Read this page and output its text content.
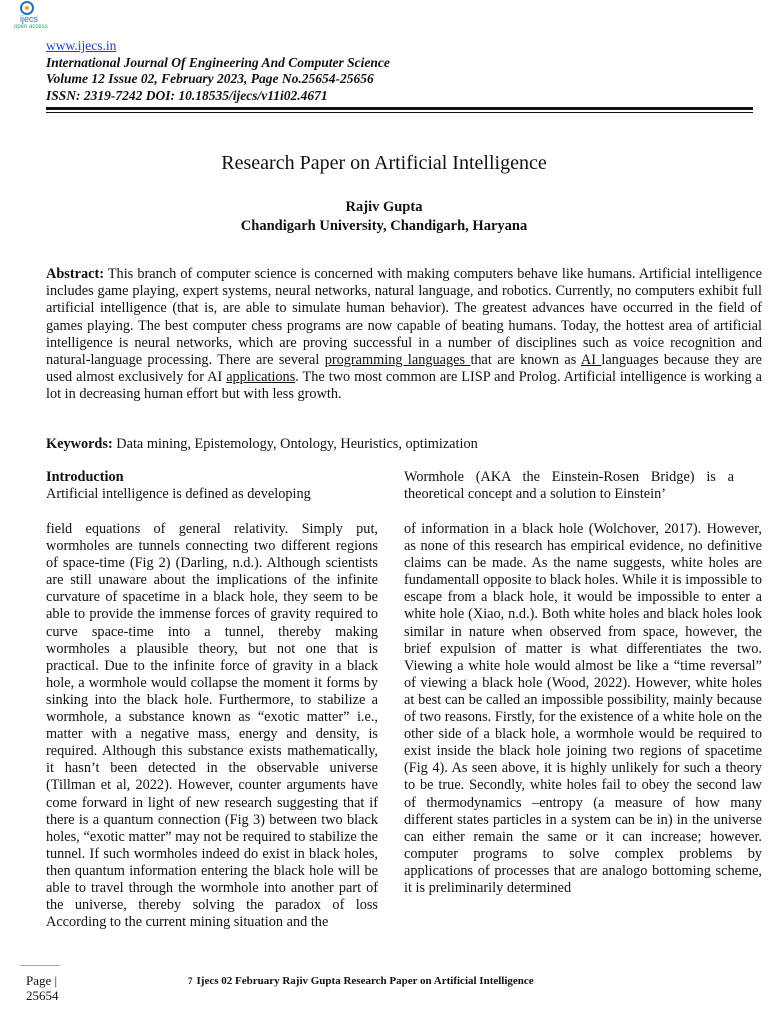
ijecs
open access
www.ijecs.in
International Journal Of Engineering And Computer Science
Volume 12 Issue 02, February 2023, Page No.25654-25656
ISSN: 2319-7242 DOI: 10.18535/ijecs/v11i02.4671
Research Paper on Artificial Intelligence
Rajiv Gupta
Chandigarh University, Chandigarh, Haryana
Abstract: This branch of computer science is concerned with making computers behave like humans. Artificial intelligence includes game playing, expert systems, neural networks, natural language, and robotics. Currently, no computers exhibit full artificial intelligence (that is, are able to simulate human behavior). The greatest advances have occurred in the field of games playing. The best computer chess programs are now capable of beating humans. Today, the hottest area of artificial intelligence is neural networks, which are proving successful in a number of disciplines such as voice recognition and natural-language processing. There are several programming languages that are known as AI languages because they are used almost exclusively for AI applications. The two most common are LISP and Prolog. Artificial intelligence is working a lot in decreasing human effort but with less growth.
Keywords: Data mining, Epistemology, Ontology, Heuristics, optimization

Introduction

Artificial intelligence is defined as developing

Wormhole (AKA the Einstein-Rosen Bridge) is a theoretical concept and a solution to Einstein’

field equations of general relativity. Simply put, wormholes are tunnels connecting two different regions of space-time (Fig 2) (Darling, n.d.). Although scientists are still unaware about the implications of the infinite curvature of spacetime in a black hole, they seem to be able to provide the immense forces of gravity required to curve space-time into a tunnel, thereby making wormholes a plausible theory, but not one that is practical. Due to the infinite force of gravity in a black hole, a wormhole would collapse the moment it forms by sinking into the black hole. Furthermore, to stabilize a wormhole, a substance known as “exotic matter” i.e., matter with a negative mass, energy and density, is required. Although this substance exists mathematically, it hasn’t been detected in the observable universe (Tillman et al, 2022). However, counter arguments have come forward in light of new research suggesting that if there is a quantum connection (Fig 3) between two black holes, “exotic matter” may not be required to stabilize the tunnel. If such wormholes indeed do exist in black holes, then quantum information entering the black hole will be able to travel through the wormhole into another part of the universe, thereby solving the paradox of loss According to the current mining situation and the

of information in a black hole (Wolchover, 2017). However, as none of this research has empirical evidence, no definitive claims can be made. As the name suggests, white holes are fundamentall opposite to black holes. While it is impossible to escape from a black hole, it would be impossible to enter a white hole (Xiao, n.d.). Both white holes and black holes look similar in nature when observed from space, however, the brief expulsion of matter is what differentiates the two. Viewing a white hole would almost be like a “time reversal” of viewing a black hole (Wood, 2022). However, white holes at best can be called an impossible possibility, mainly because of two reasons. Firstly, for the existence of a white hole on the other side of a black hole, a wormhole would be required to exist inside the black hole joining two regions of spacetime (Fig 4). As seen above, it is highly unlikely for such a theory to be true. Secondly, white holes fail to obey the second law of thermodynamics –entropy (a measure of how many different states particles in a system can be in) in the universe can either remain the same or it can increase; however. computer programs to solve complex problems by applications of processes that are analogo bottoming scheme, it is preliminarily determined

Page |
25654
7 Ijecs 02 February Rajiv Gupta Research Paper on Artificial Intelligence
